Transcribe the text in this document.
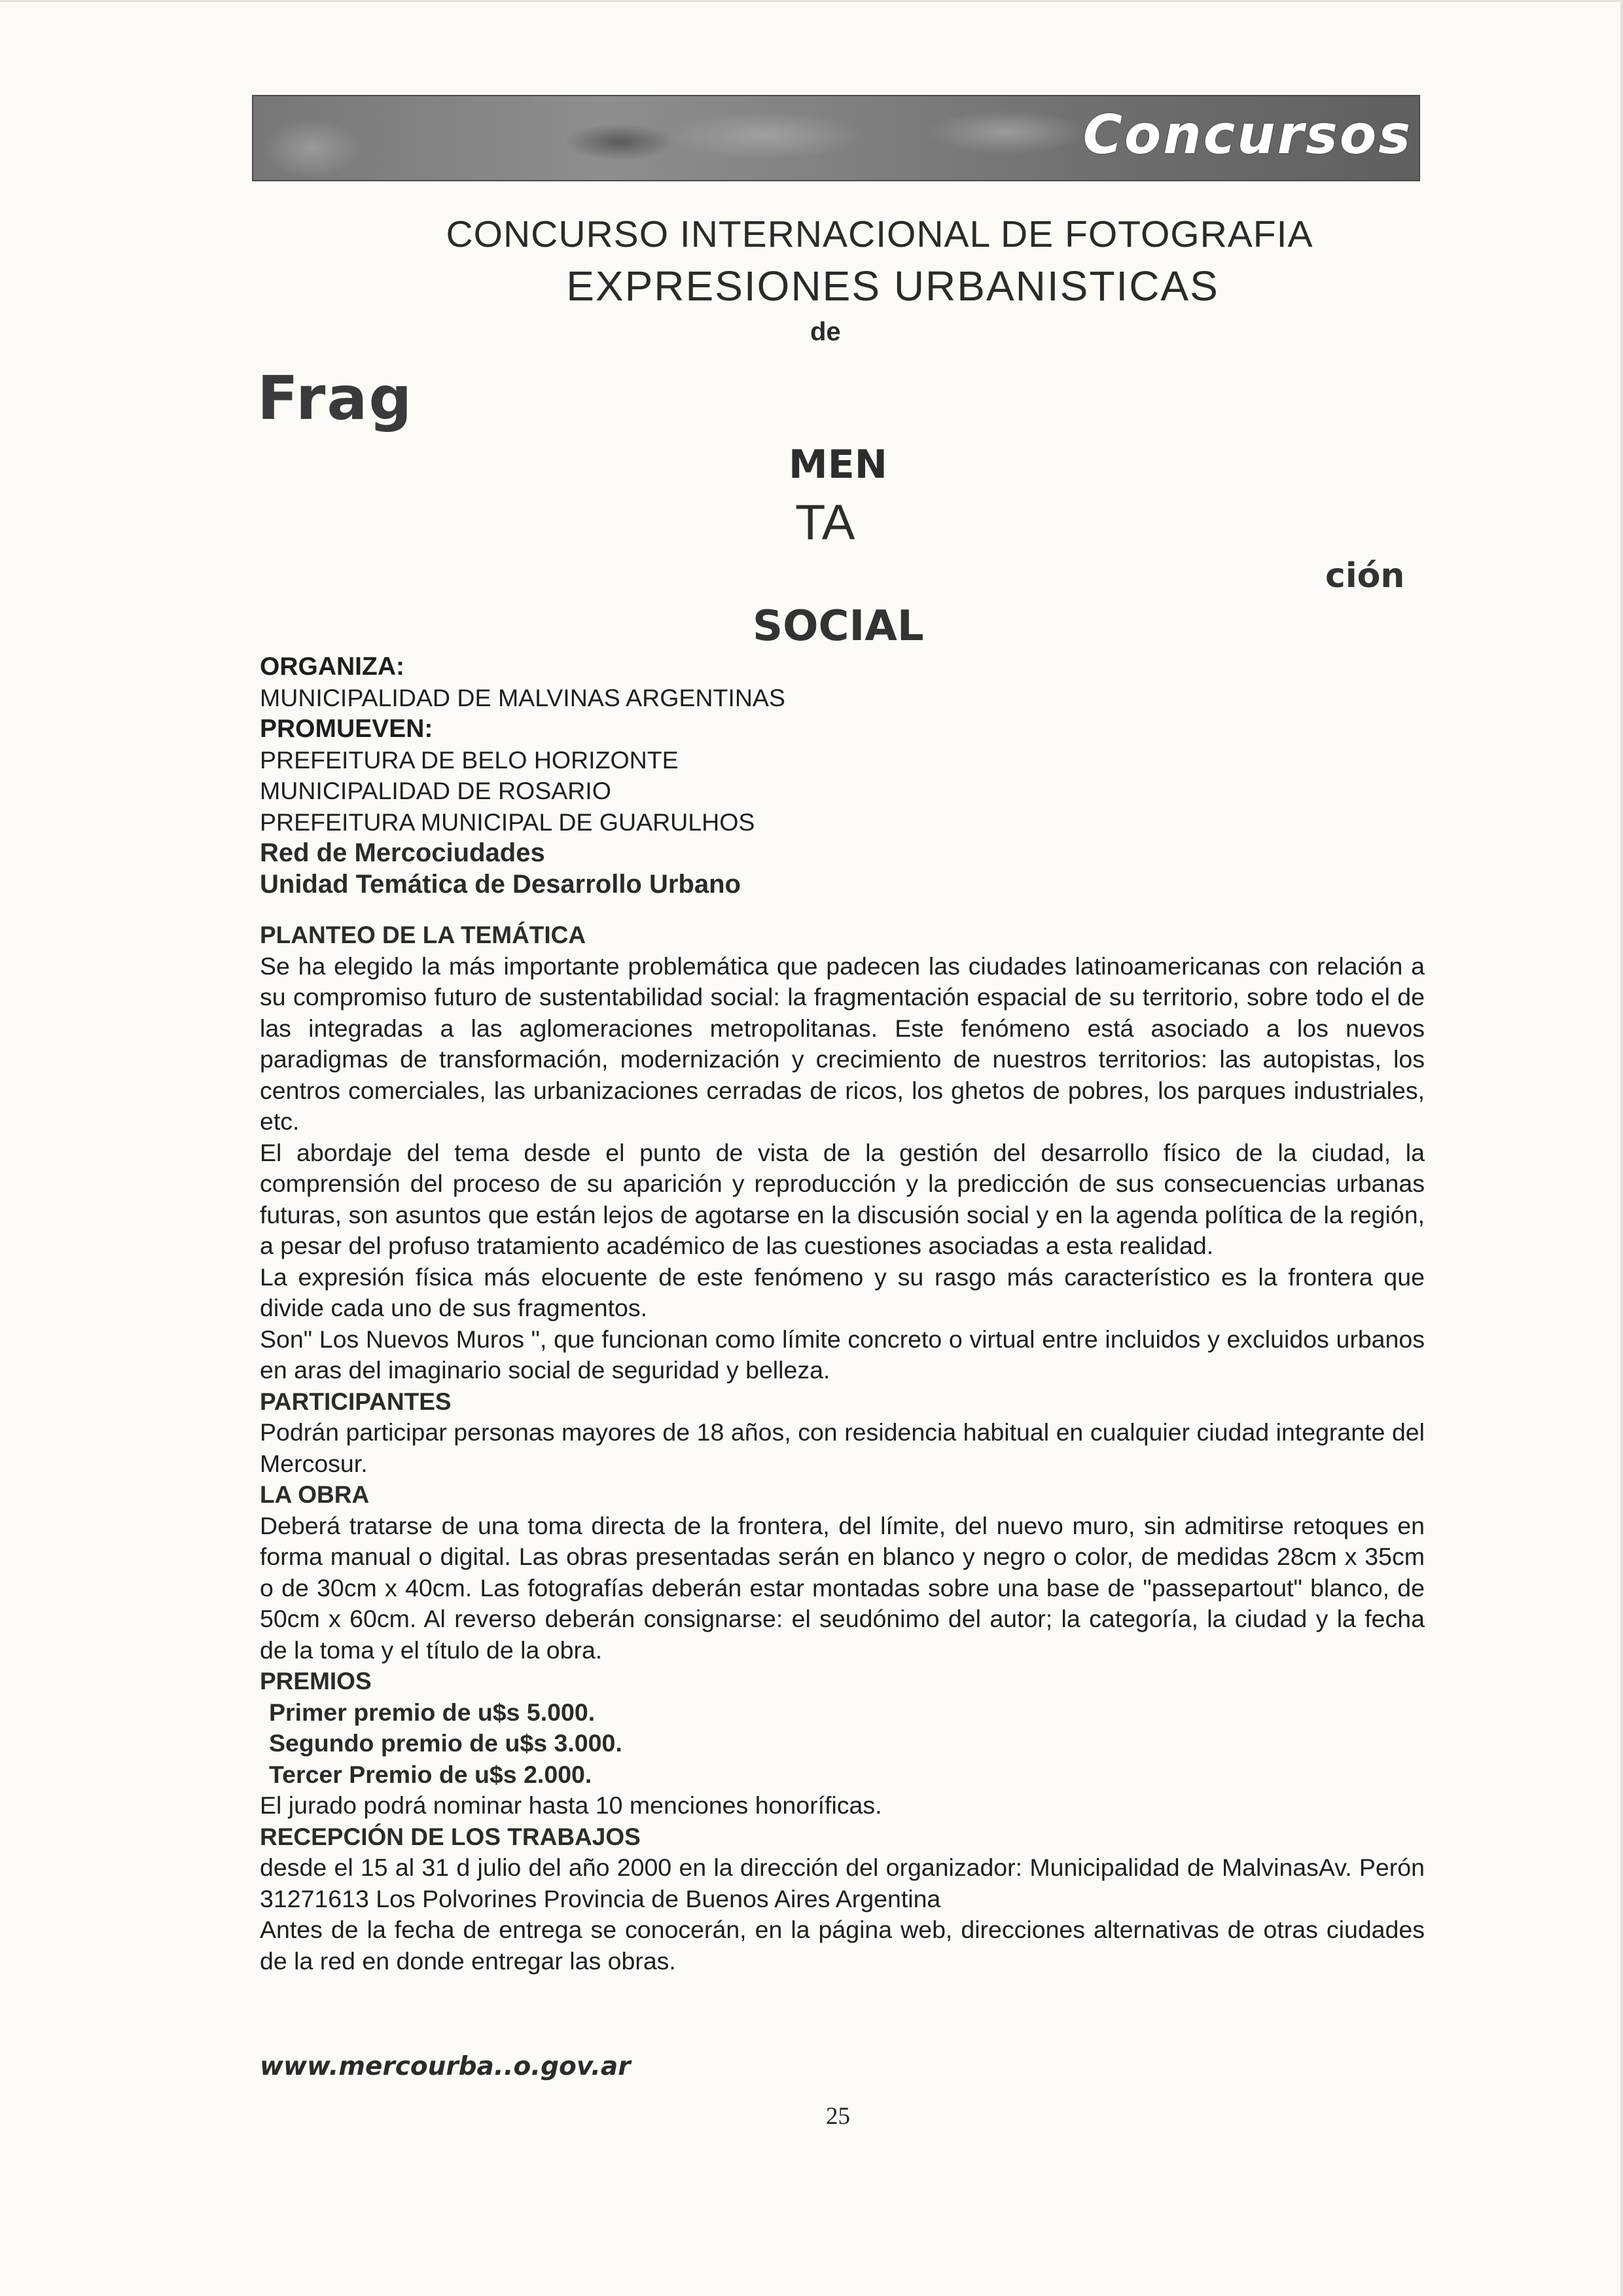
Concursos
CONCURSO INTERNACIONAL DE FOTOGRAFIA
EXPRESIONES URBANISTICAS
de
Frag
MEN
TA
ción
SOCIAL
ORGANIZA:
MUNICIPALIDAD DE MALVINAS ARGENTINAS
PROMUEVEN:
PREFEITURA DE BELO HORIZONTE
MUNICIPALIDAD DE ROSARIO
PREFEITURA MUNICIPAL DE GUARULHOS
Red de Mercociudades
Unidad Temática de Desarrollo Urbano
PLANTEO DE LA TEMÁTICA
Se ha elegido la más importante problemática que padecen las ciudades latinoamericanas con relación a su compromiso futuro de sustentabilidad social: la fragmentación espacial de su territorio, sobre todo el de las integradas a las aglomeraciones metropolitanas. Este fenómeno está asociado a los nuevos paradigmas de transformación, modernización y crecimiento de nuestros territorios: las autopistas, los centros comerciales, las urbanizaciones cerradas de ricos, los ghetos de pobres, los parques industriales, etc.
El abordaje del tema desde el punto de vista de la gestión del desarrollo físico de la ciudad, la comprensión del proceso de su aparición y reproducción y la predicción de sus consecuencias urbanas futuras, son asuntos que están lejos de agotarse en la discusión social y en la agenda política de la región, a pesar del profuso tratamiento académico de las cuestiones asociadas a esta realidad.
La expresión física más elocuente de este fenómeno y su rasgo más característico es la frontera que divide cada uno de sus fragmentos.
Son" Los Nuevos Muros ", que funcionan como límite concreto o virtual entre incluidos y excluidos urbanos en aras del imaginario social de seguridad y belleza.
PARTICIPANTES
Podrán participar personas mayores de 18 años, con residencia habitual en cualquier ciudad integrante del Mercosur.
LA OBRA
Deberá tratarse de una toma directa de la frontera, del límite, del nuevo muro, sin admitirse retoques en forma manual o digital. Las obras presentadas serán en blanco y negro o color, de medidas 28cm x 35cm o de 30cm x 40cm. Las fotografías deberán estar montadas sobre una base de "passepartout" blanco, de 50cm x 60cm. Al reverso deberán consignarse: el seudónimo del autor; la categoría, la ciudad y la fecha de la toma y el título de la obra.
PREMIOS
Primer premio de u$s 5.000.
Segundo premio de u$s 3.000.
Tercer Premio de u$s 2.000.
El jurado podrá nominar hasta 10 menciones honoríficas.
RECEPCIÓN DE LOS TRABAJOS
desde el 15 al 31 d julio del año 2000 en la dirección del organizador: Municipalidad de MalvinasAv. Perón 31271613 Los Polvorines Provincia de Buenos Aires Argentina
Antes de la fecha de entrega se conocerán, en la página web, direcciones alternativas de otras ciudades de la red en donde entregar las obras.
www.mercourba..o.gov.ar
25
